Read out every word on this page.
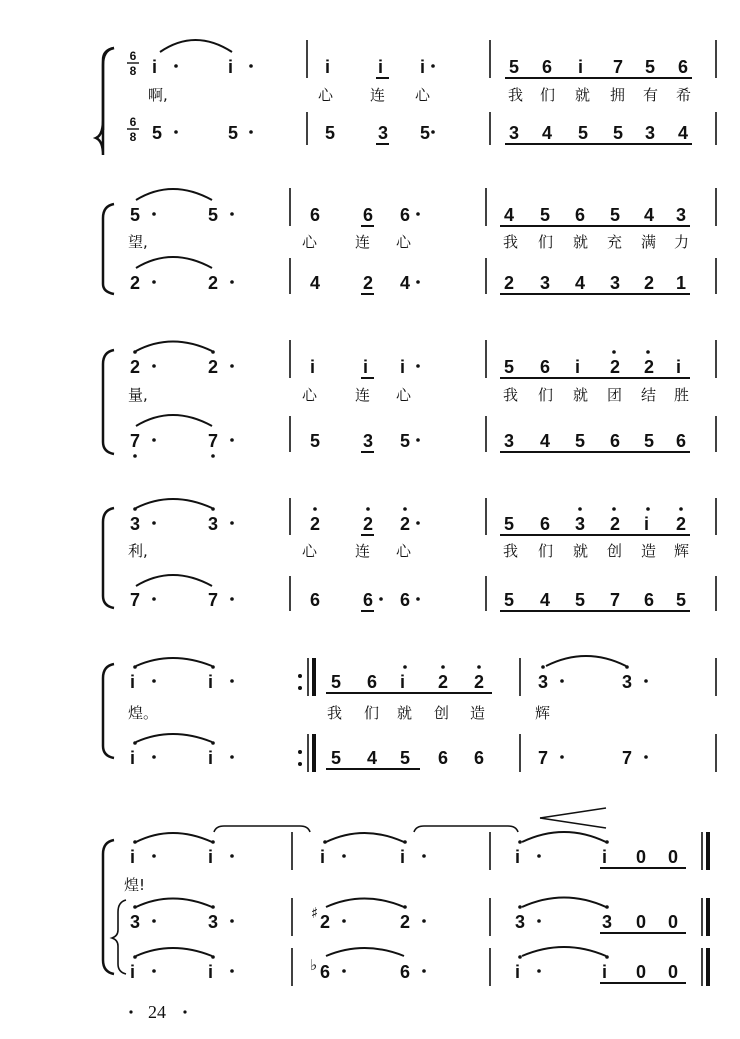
6
8
6
8
i	i	i	i i	5 6 i 7 5 6
啊,	心 连 心	我 们 就 拥 有 希
5	5	5 3 5	3 4 5 5 3 4
5	5	6 6 6	4 5 6 5 4 3
望,	心	连 心	我 们 就 充 满 力
2	2	4 2 4	2 3 4 3 2 1
2	2	i	i i	5 6 i 2 2 i
量,	心	连 心	我 们 就 团 结 胜
7	7	5 3 5	3 4 5 6 5 6
3	3	2 2 2	5 6 3 2 i 2
利,	心	连 心	我 们 就 创 造 辉
7	7	6 6 6	5 4 5 7 6 5
i	i	5 6 i 2 2	3	3
煌。	我 们 就 创 造	辉
i	i	5 4 5 6 6	7	7
i	i	i	i	i	i 0 0
煌!
3	3	♯ 2	2	3	3 0 0
i	i	♭ 6	6	i	i 0 0
24
